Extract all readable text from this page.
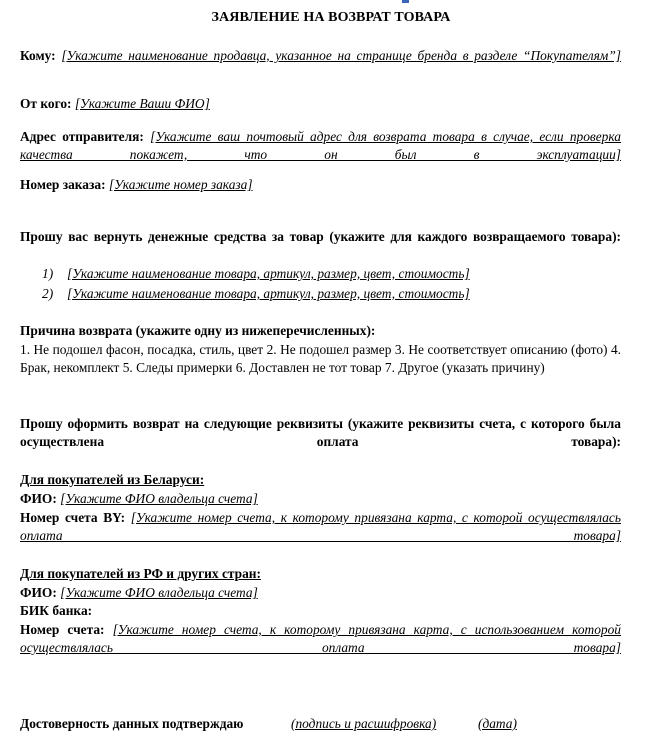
ЗАЯВЛЕНИЕ НА ВОЗВРАТ ТОВАРА
Кому: [Укажите наименование продавца, указанное на странице бренда в разделе “Покупателям”]
От кого: [Укажите Ваши ФИО]
Адрес отправителя: [Укажите ваш почтовый адрес для возврата товара в случае, если проверка качества покажет, что он был в эксплуатации]
Номер заказа: [Укажите номер заказа]
Прошу вас вернуть денежные средства за товар (укажите для каждого возвращаемого товара):
1) [Укажите наименование товара, артикул, размер, цвет, стоимость]
2) [Укажите наименование товара, артикул, размер, цвет, стоимость]
Причина возврата (укажите одну из нижеперечисленных):
1. Не подошел фасон, посадка, стиль, цвет 2. Не подошел размер 3. Не соответствует описанию (фото) 4. Брак, некомплект 5. Следы примерки 6. Доставлен не тот товар 7. Другое (указать причину)
Прошу оформить возврат на следующие реквизиты (укажите реквизиты счета, с которого была осуществлена оплата товара):
Для покупателей из Беларуси:
ФИО: [Укажите ФИО владельца счета]
Номер счета BY: [Укажите номер счета, к которому привязана карта, с которой осуществлялась оплата товара]
Для покупателей из РФ и других стран:
ФИО: [Укажите ФИО владельца счета]
БИК банка:
Номер счета: [Укажите номер счета, к которому привязана карта, с использованием которой осуществлялась оплата товара]
Достоверность данных подтверждаю	(подпись и расшифровка)	(дата)
